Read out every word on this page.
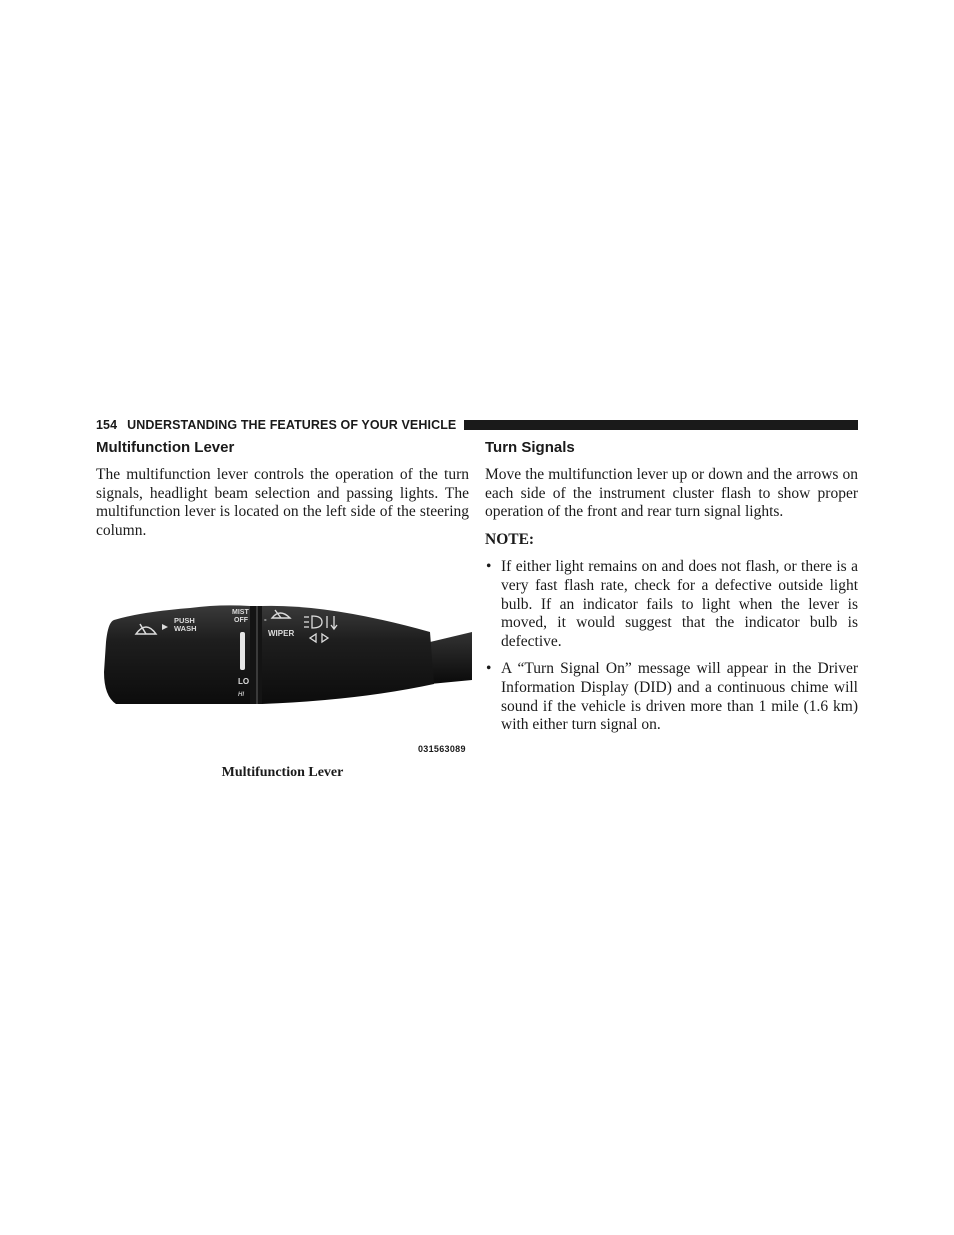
154 UNDERSTANDING THE FEATURES OF YOUR VEHICLE
Multifunction Lever

The multifunction lever controls the operation of the turn signals, headlight beam selection and passing lights. The multifunction lever is located on the left side of the steering column.

PUSH
WASH
MIST
OFF -
WIPER
LO
HI
031563089
Multifunction Lever
Turn Signals

Move the multifunction lever up or down and the arrows on each side of the instrument cluster flash to show proper operation of the front and rear turn signal lights.

NOTE:
• If either light remains on and does not flash, or there is a very fast flash rate, check for a defective outside light bulb. If an indicator fails to light when the lever is moved, it would suggest that the indicator bulb is defective.

• A “Turn Signal On” message will appear in the Driver Information Display (DID) and a continuous chime will sound if the vehicle is driven more than 1 mile (1.6 km) with either turn signal on.
